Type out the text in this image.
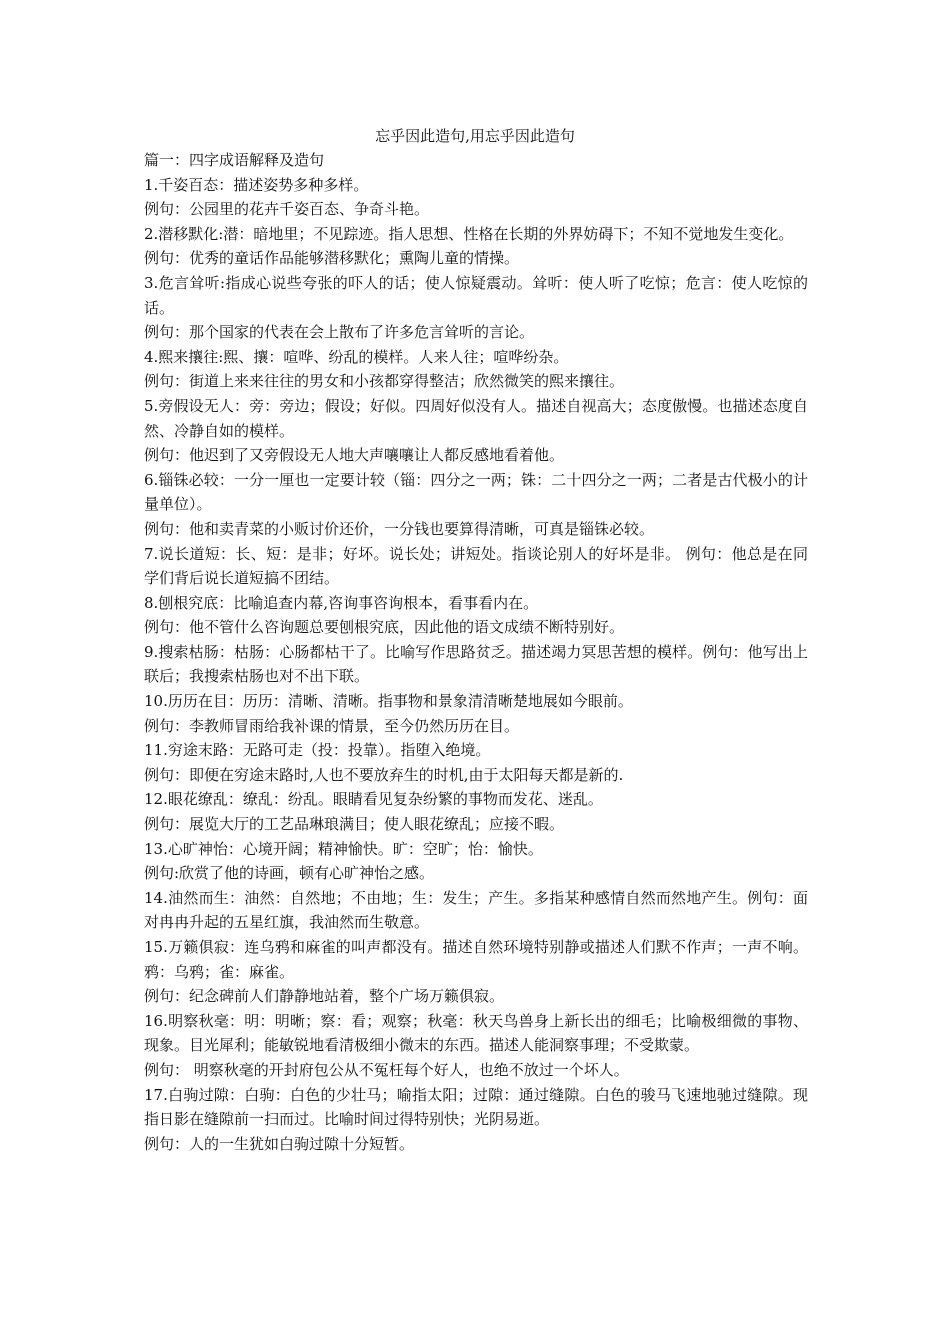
忘乎因此造句,用忘乎因此造句

篇一：四字成语解释及造句

1.千姿百态：描述姿势多种多样。

例句：公园里的花卉千姿百态、争奇斗艳。

2.潜移默化:潜：暗地里；不见踪迹。指人思想、性格在长期的外界妨碍下；不知不觉地发生变化。

例句：优秀的童话作品能够潜移默化；熏陶儿童的情操。

3.危言耸听:指成心说些夸张的吓人的话；使人惊疑震动。耸听：使人听了吃惊；危言：使人吃惊的话。

例句：那个国家的代表在会上散布了许多危言耸听的言论。

4.熙来攘往:熙、攘：喧哗、纷乱的模样。人来人往；喧哗纷杂。

例句：街道上来来往往的男女和小孩都穿得整洁；欣然微笑的熙来攘往。

5.旁假设无人：旁：旁边；假设；好似。四周好似没有人。描述自视高大；态度傲慢。也描述态度自然、冷静自如的模样。

例句：他迟到了又旁假设无人地大声嚷嚷让人都反感地看着他。

6.锱铢必较：一分一厘也一定要计较（锱：四分之一两；铢：二十四分之一两；二者是古代极小的计量单位）。

例句：他和卖青菜的小贩讨价还价，一分钱也要算得清晰，可真是锱铢必较。

7.说长道短：长、短：是非；好坏。说长处；讲短处。指谈论别人的好坏是非。 例句：他总是在同学们背后说长道短搞不团结。

8.刨根究底：比喻追查内幕,咨询事咨询根本，看事看内在。

例句：他不管什么咨询题总要刨根究底，因此他的语文成绩不断特别好。

9.搜索枯肠：枯肠：心肠都枯干了。比喻写作思路贫乏。描述竭力冥思苦想的模样。例句：他写出上联后；我搜索枯肠也对不出下联。

10.历历在目：历历：清晰、清晰。指事物和景象清清晰楚地展如今眼前。

例句：李教师冒雨给我补课的情景，至今仍然历历在目。

11.穷途末路：无路可走（投：投靠）。指堕入绝境。

例句：即便在穷途末路时,人也不要放弃生的时机,由于太阳每天都是新的.

12.眼花缭乱：缭乱：纷乱。眼睛看见复杂纷繁的事物而发花、迷乱。

例句：展览大厅的工艺品琳琅满目；使人眼花缭乱；应接不暇。

13.心旷神怡：心境开阔；精神愉快。旷：空旷；怡：愉快。

例句:欣赏了他的诗画，顿有心旷神怡之感。

14.油然而生：油然：自然地；不由地；生：发生；产生。多指某种感情自然而然地产生。例句：面对冉冉升起的五星红旗，我油然而生敬意。

15.万籁俱寂：连乌鸦和麻雀的叫声都没有。描述自然环境特别静或描述人们默不作声；一声不响。鸦：乌鸦；雀：麻雀。

例句：纪念碑前人们静静地站着，整个广场万籁俱寂。

16.明察秋毫：明：明晰；察：看；观察；秋毫：秋天鸟兽身上新长出的细毛；比喻极细微的事物、现象。目光犀利；能敏锐地看清极细小微末的东西。描述人能洞察事理；不受欺蒙。

例句： 明察秋毫的开封府包公从不冤枉每个好人，也绝不放过一个坏人。

17.白驹过隙：白驹：白色的少壮马；喻指太阳；过隙：通过缝隙。白色的骏马飞速地驰过缝隙。现指日影在缝隙前一扫而过。比喻时间过得特别快；光阴易逝。

例句：人的一生犹如白驹过隙十分短暂。
